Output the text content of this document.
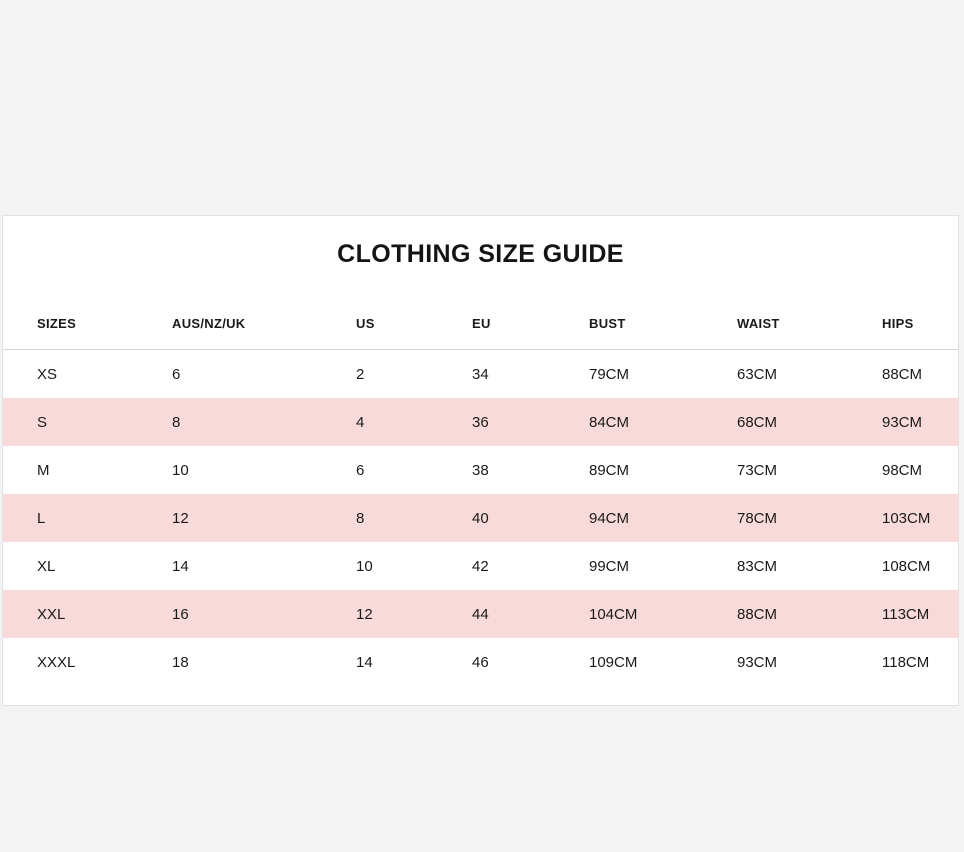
CLOTHING SIZE GUIDE
SIZES	AUS/NZ/UK	US	EU	BUST	WAIST	HIPS
XS	6	2	34	79CM	63CM	88CM
S	8	4	36	84CM	68CM	93CM
M	10	6	38	89CM	73CM	98CM
L	12	8	40	94CM	78CM	103CM
XL	14	10	42	99CM	83CM	108CM
XXL	16	12	44	104CM	88CM	113CM
XXXL	18	14	46	109CM	93CM	118CM
